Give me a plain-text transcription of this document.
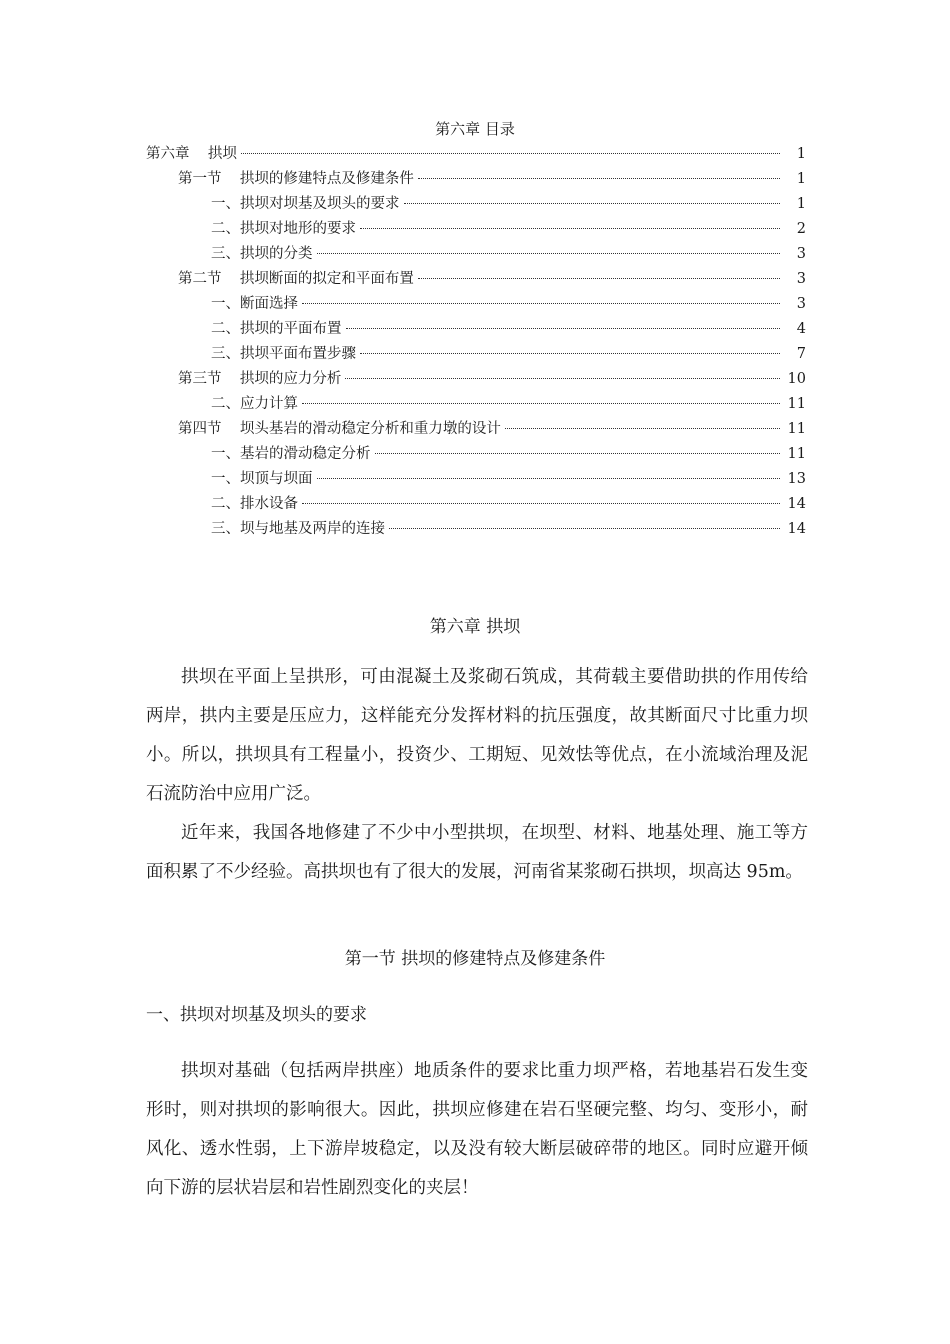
第六章 目录
第六章    拱坝	1
第一节    拱坝的修建特点及修建条件	1
一、拱坝对坝基及坝头的要求	1
二、拱坝对地形的要求	2
三、拱坝的分类	3
第二节    拱坝断面的拟定和平面布置	3
一、断面选择	3
二、拱坝的平面布置	4
三、拱坝平面布置步骤	7
第三节    拱坝的应力分析	10
二、应力计算	11
第四节    坝头基岩的滑动稳定分析和重力墩的设计	11
一、基岩的滑动稳定分析	11
一、坝顶与坝面	13
二、排水设备	14
三、坝与地基及两岸的连接	14
第六章 拱坝

拱坝在平面上呈拱形，可由混凝土及浆砌石筑成，其荷载主要借助拱的作用传给两岸，拱内主要是压应力，这样能充分发挥材料的抗压强度，故其断面尺寸比重力坝小。所以，拱坝具有工程量小，投资少、工期短、见效怯等优点，在小流域治理及泥石流防治中应用广泛。

近年来，我国各地修建了不少中小型拱坝，在坝型、材料、地基处理、施工等方面积累了不少经验。高拱坝也有了很大的发展，河南省某浆砌石拱坝，坝高达 95m。

第一节 拱坝的修建特点及修建条件
一、拱坝对坝基及坝头的要求

拱坝对基础（包括两岸拱座）地质条件的要求比重力坝严格，若地基岩石发生变形时，则对拱坝的影响很大。因此，拱坝应修建在岩石坚硬完整、均匀、变形小，耐风化、透水性弱，上下游岸坡稳定，以及没有较大断层破碎带的地区。同时应避开倾向下游的层状岩层和岩性剧烈变化的夹层！
